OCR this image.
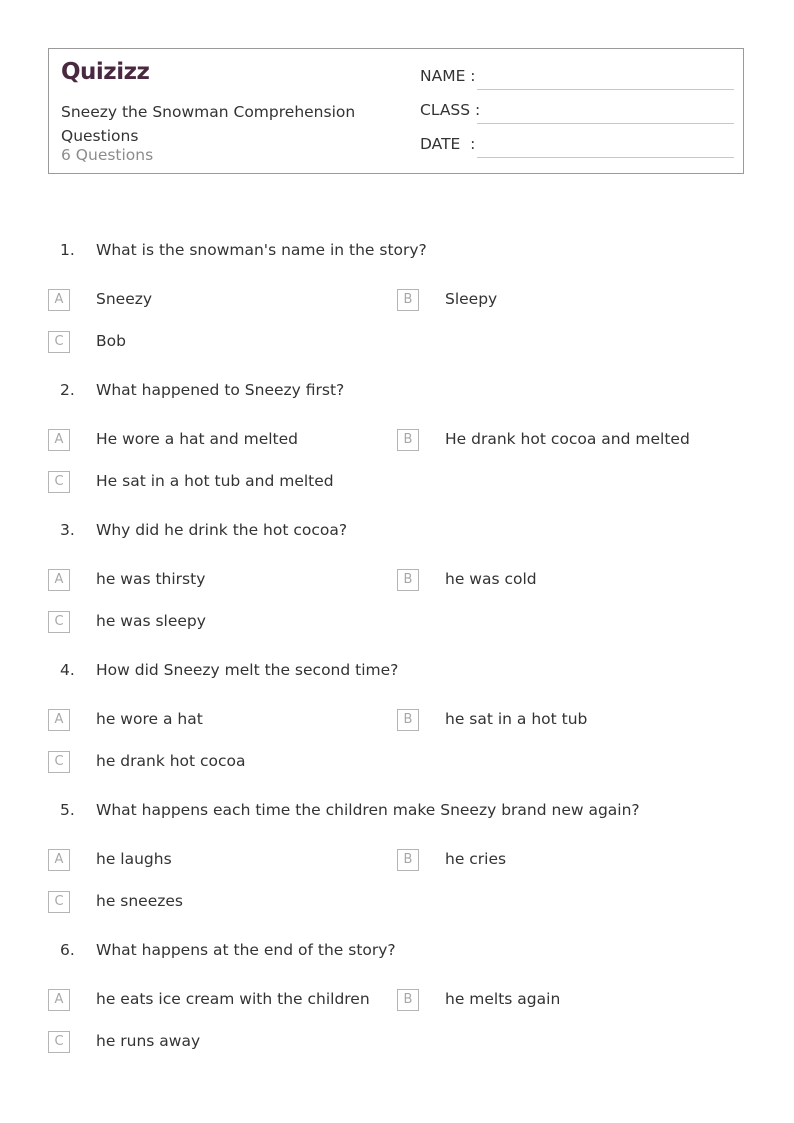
Quizizz
Sneezy the Snowman Comprehension Questions
6 Questions
NAME :
CLASS :
DATE  :
1. What is the snowman's name in the story?
A	Sneezy	B	Sleepy
C	Bob
2. What happened to Sneezy first?
A	He wore a hat and melted	B	He drank hot cocoa and melted
C	He sat in a hot tub and melted
3. Why did he drink the hot cocoa?
A	he was thirsty	B	he was cold
C	he was sleepy
4. How did Sneezy melt the second time?
A	he wore a hat	B	he sat in a hot tub
C	he drank hot cocoa
5. What happens each time the children make Sneezy brand new again?
A	he laughs	B	he cries
C	he sneezes
6. What happens at the end of the story?
A	he eats ice cream with the children	B	he melts again
C	he runs away
